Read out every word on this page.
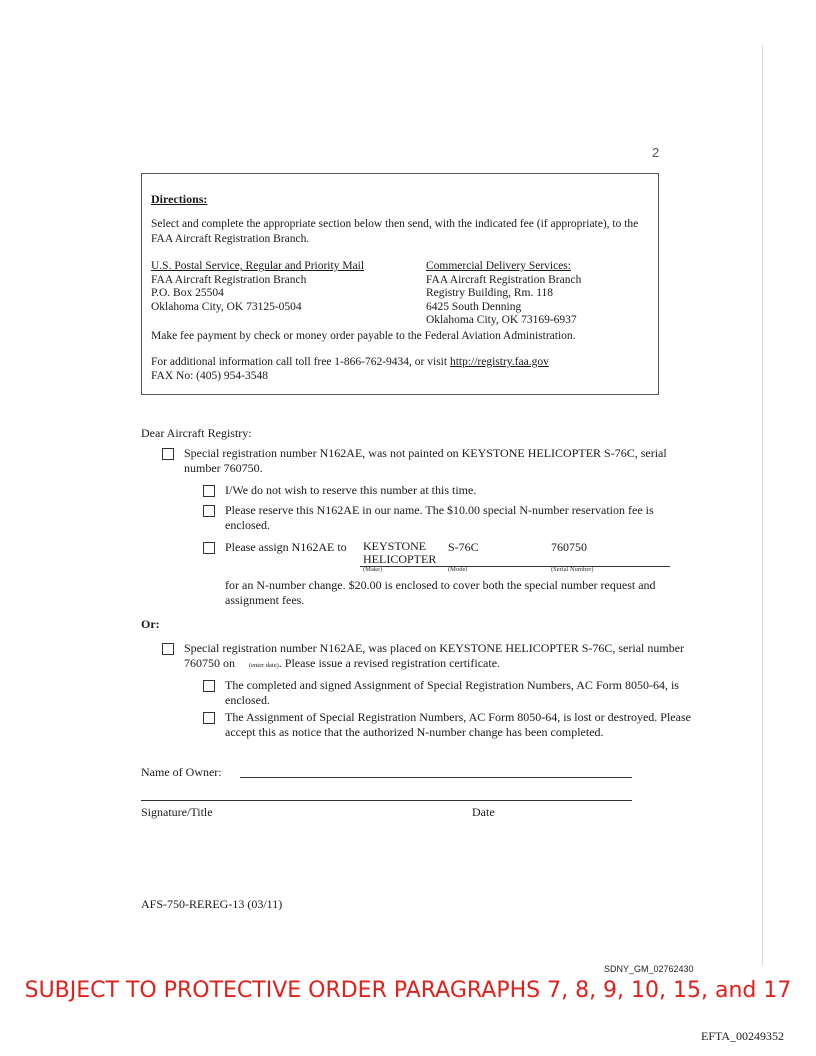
2
Directions:
Select and complete the appropriate section below then send, with the indicated fee (if appropriate), to the FAA Aircraft Registration Branch.
U.S. Postal Service, Regular and Priority Mail
FAA Aircraft Registration Branch
P.O. Box 25504
Oklahoma City, OK 73125-0504
Commercial Delivery Services:
FAA Aircraft Registration Branch
Registry Building, Rm. 118
6425 South Denning
Oklahoma City, OK 73169-6937
Make fee payment by check or money order payable to the Federal Aviation Administration.
For additional information call toll free 1-866-762-9434, or visit http://registry.faa.gov
FAX No: (405) 954-3548
Dear Aircraft Registry:
Special registration number N162AE, was not painted on KEYSTONE HELICOPTER S-76C, serial
number 760750.
I/We do not wish to reserve this number at this time.
Please reserve this N162AE in our name. The $10.00 special N-number reservation fee is
enclosed.
Please assign N162AE to KEYSTONE
HELICOPTER
S-76C	760750
(Make)	(Model	(Serial Number)
for an N-number change. $20.00 is enclosed to cover both the special number request and
assignment fees.
Or:
Special registration number N162AE, was placed on KEYSTONE HELICOPTER S-76C, serial number
760750 on (enter date). Please issue a revised registration certificate.
The completed and signed Assignment of Special Registration Numbers, AC Form 8050-64, is
enclosed.
The Assignment of Special Registration Numbers, AC Form 8050-64, is lost or destroyed. Please
accept this as notice that the authorized N-number change has been completed.
Name of Owner:
Signature/Title	Date
AFS-750-REREG-13 (03/11)
SDNY_GM_02762430
SUBJECT TO PROTECTIVE ORDER PARAGRAPHS 7, 8, 9, 10, 15, and 17
EFTA_00249352
